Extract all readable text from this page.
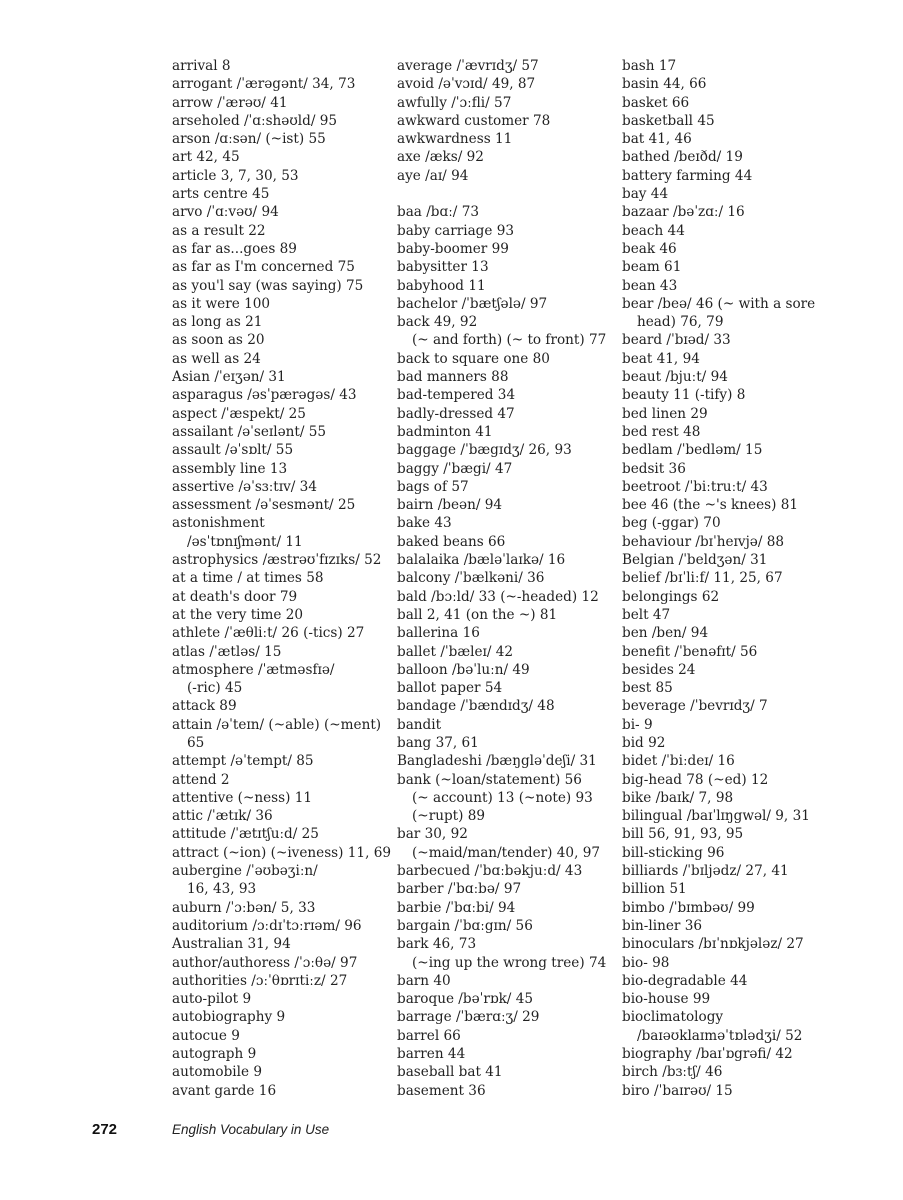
arrival 8
arrogant /ˈærəgənt/ 34, 73
arrow /ˈærəʊ/ 41
arseholed /ˈɑːshəʊld/ 95
arson /ɑːsən/ (~ist) 55
art 42, 45
article 3, 7, 30, 53
arts centre 45
arvo /ˈɑːvəʊ/ 94
as a result 22
as far as...goes 89
as far as I'm concerned 75
as you'l say (was saying) 75
as it were 100
as long as 21
as soon as 20
as well as 24
Asian /ˈeɪʒən/ 31
asparagus /əsˈpærəgəs/ 43
aspect /ˈæspekt/ 25
assailant /əˈseɪlənt/ 55
assault /əˈsɒlt/ 55
assembly line 13
assertive /əˈsɜːtɪv/ 34
assessment /əˈsesmənt/ 25
astonishment
/əsˈtɒnɪʃmənt/ 11
astrophysics /æstrəʊˈfɪzɪks/ 52
at a time / at times 58
at death's door 79
at the very time 20
athlete /ˈæθliːt/ 26 (-tics) 27
atlas /ˈætləs/ 15
atmosphere /ˈætməsfɪə/
(-ric) 45
attack 89
attain /əˈteɪn/ (~able) (~ment)
65
attempt /əˈtempt/ 85
attend 2
attentive (~ness) 11
attic /ˈætɪk/ 36
attitude /ˈætɪtʃuːd/ 25
attract (~ion) (~iveness) 11, 69
aubergine /ˈəʊbəʒiːn/
16, 43, 93
auburn /ˈɔːbən/ 5, 33
auditorium /ɔːdɪˈtɔːrɪəm/ 96
Australian 31, 94
author/authoress /ˈɔːθə/ 97
authorities /ɔːˈθɒrɪtiːz/ 27
auto-pilot 9
autobiography 9
autocue 9
autograph 9
automobile 9
avant garde 16
average /ˈævrɪdʒ/ 57
avoid /əˈvɔɪd/ 49, 87
awfully /ˈɔːfli/ 57
awkward customer 78
awkwardness 11
axe /æks/ 92
aye /aɪ/ 94
baa /bɑː/ 73
baby carriage 93
baby-boomer 99
babysitter 13
babyhood 11
bachelor /ˈbætʃələ/ 97
back 49, 92
(~ and forth) (~ to front) 77
back to square one 80
bad manners 88
bad-tempered 34
badly-dressed 47
badminton 41
baggage /ˈbægɪdʒ/ 26, 93
baggy /ˈbægi/ 47
bags of 57
bairn /beən/ 94
bake 43
baked beans 66
balalaika /bæləˈlaɪkə/ 16
balcony /ˈbælkəni/ 36
bald /bɔːld/ 33 (~-headed) 12
ball 2, 41 (on the ~) 81
ballerina 16
ballet /ˈbæleɪ/ 42
balloon /bəˈluːn/ 49
ballot paper 54
bandage /ˈbændɪdʒ/ 48
bandit
bang 37, 61
Bangladeshi /bæŋgləˈdeʃi/ 31
bank (~loan/statement) 56
(~ account) 13 (~note) 93
(~rupt) 89
bar 30, 92
(~maid/man/tender) 40, 97
barbecued /ˈbɑːbəkjuːd/ 43
barber /ˈbɑːbə/ 97
barbie /ˈbɑːbi/ 94
bargain /ˈbɑːgɪn/ 56
bark 46, 73
(~ing up the wrong tree) 74
barn 40
baroque /bəˈrɒk/ 45
barrage /ˈbærɑːʒ/ 29
barrel 66
barren 44
baseball bat 41
basement 36
bash 17
basin 44, 66
basket 66
basketball 45
bat 41, 46
bathed /beɪðd/ 19
battery farming 44
bay 44
bazaar /bəˈzɑː/ 16
beach 44
beak 46
beam 61
bean 43
bear /beə/ 46 (~ with a sore
head) 76, 79
beard /ˈbɪəd/ 33
beat 41, 94
beaut /bjuːt/ 94
beauty 11 (-tify) 8
bed linen 29
bed rest 48
bedlam /ˈbedləm/ 15
bedsit 36
beetroot /ˈbiːtruːt/ 43
bee 46 (the ~'s knees) 81
beg (-ggar) 70
behaviour /bɪˈheɪvjə/ 88
Belgian /ˈbeldʒən/ 31
belief /bɪˈliːf/ 11, 25, 67
belongings 62
belt 47
ben /ben/ 94
benefit /ˈbenəfɪt/ 56
besides 24
best 85
beverage /ˈbevrɪdʒ/ 7
bi- 9
bid 92
bidet /ˈbiːdeɪ/ 16
big-head 78 (~ed) 12
bike /baɪk/ 7, 98
bilingual /baɪˈlɪŋgwəl/ 9, 31
bill 56, 91, 93, 95
bill-sticking 96
billiards /ˈbɪljədz/ 27, 41
billion 51
bimbo /ˈbɪmbəʊ/ 99
bin-liner 36
binoculars /bɪˈnɒkjələz/ 27
bio- 98
bio-degradable 44
bio-house 99
bioclimatology
/baɪəʊklaɪməˈtɒlədʒi/ 52
biography /baɪˈɒgrəfi/ 42
birch /bɜːtʃ/ 46
biro /ˈbaɪrəʊ/ 15
272	English Vocabulary in Use
